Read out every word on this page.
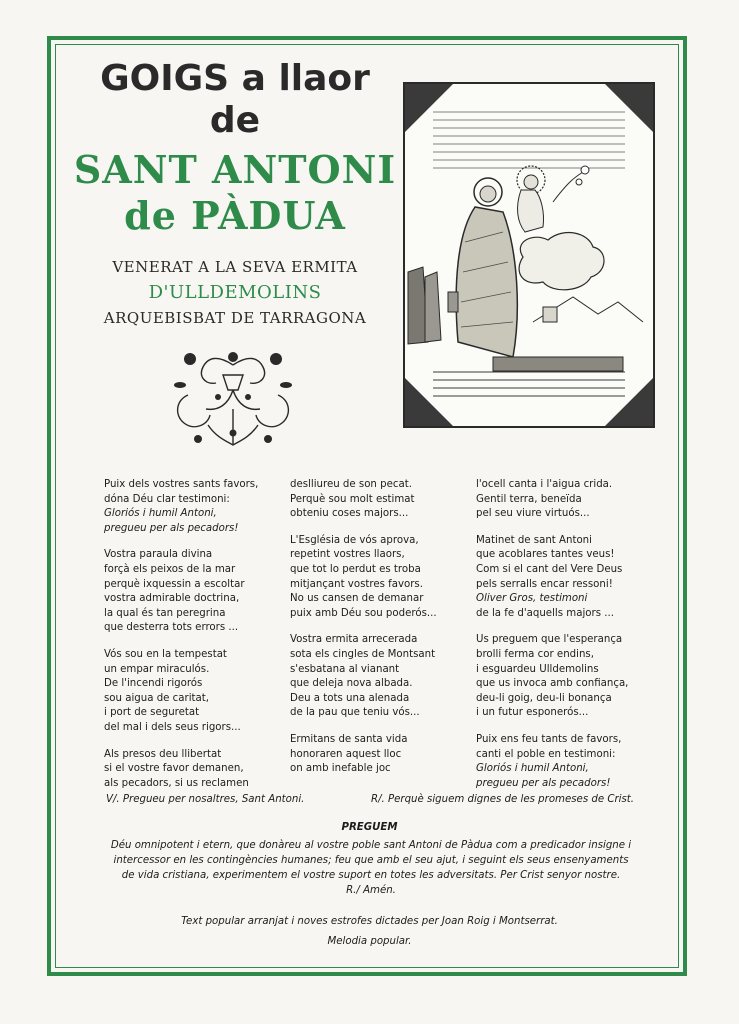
GOIGS a llaor
de
SANT ANTONI
de PÀDUA
VENERAT A LA SEVA ERMITA
D'ULLDEMOLINS
ARQUEBISBAT DE TARRAGONA
Puix dels vostres sants favors,
dóna Déu clar testimoni:
Gloriós i humil Antoni,
pregueu per als pecadors!
Vostra paraula divina
forçà els peixos de la mar
perquè ixquessin a escoltar
vostra admirable doctrina,
la qual és tan peregrina
que desterra tots errors ...
Vós sou en la tempestat
un empar miraculós.
De l'incendi rigorós
sou aigua de caritat,
i port de seguretat
del mal i dels seus rigors...
Als presos deu llibertat
si el vostre favor demanen,
als pecadors, si us reclamen
deslliureu de son pecat.
Perquè sou molt estimat
obteniu coses majors...
L'Església de vós aprova,
repetint vostres llaors,
que tot lo perdut es troba
mitjançant vostres favors.
No us cansen de demanar
puix amb Déu sou poderós...
Vostra ermita arrecerada
sota els cingles de Montsant
s'esbatana al vianant
que deleja nova albada.
Deu a tots una alenada
de la pau que teniu vós...
Ermitans de santa vida
honoraren aquest lloc
on amb inefable joc
l'ocell canta i l'aigua crida.
Gentil terra, beneïda
pel seu viure virtuós...
Matinet de sant Antoni
que acoblares tantes veus!
Com si el cant del Vere Deus
pels serralls encar ressoni!
Oliver Gros, testimoni
de la fe d'aquells majors ...
Us preguem que l'esperança
brolli ferma cor endins,
i esguardeu Ulldemolins
que us invoca amb confiança,
deu-li goig, deu-li bonança
i un futur esponerós...
Puix ens feu tants de favors,
canti el poble en testimoni:
Gloriós i humil Antoni,
pregueu per als pecadors!
V/. Pregueu per nosaltres, Sant Antoni.	R/. Perquè siguem dignes de les promeses de Crist.
PREGUEM
Déu omnipotent i etern, que donàreu al vostre poble sant Antoni de Pàdua com a predicador insigne i
intercessor en les contingències humanes; feu que amb el seu ajut, i seguint els seus ensenyaments
de vida cristiana, experimentem el vostre suport en totes les adversitats. Per Crist senyor nostre.
R./ Amén.
Text popular arranjat i noves estrofes dictades per Joan Roig i Montserrat.
Melodia popular.
